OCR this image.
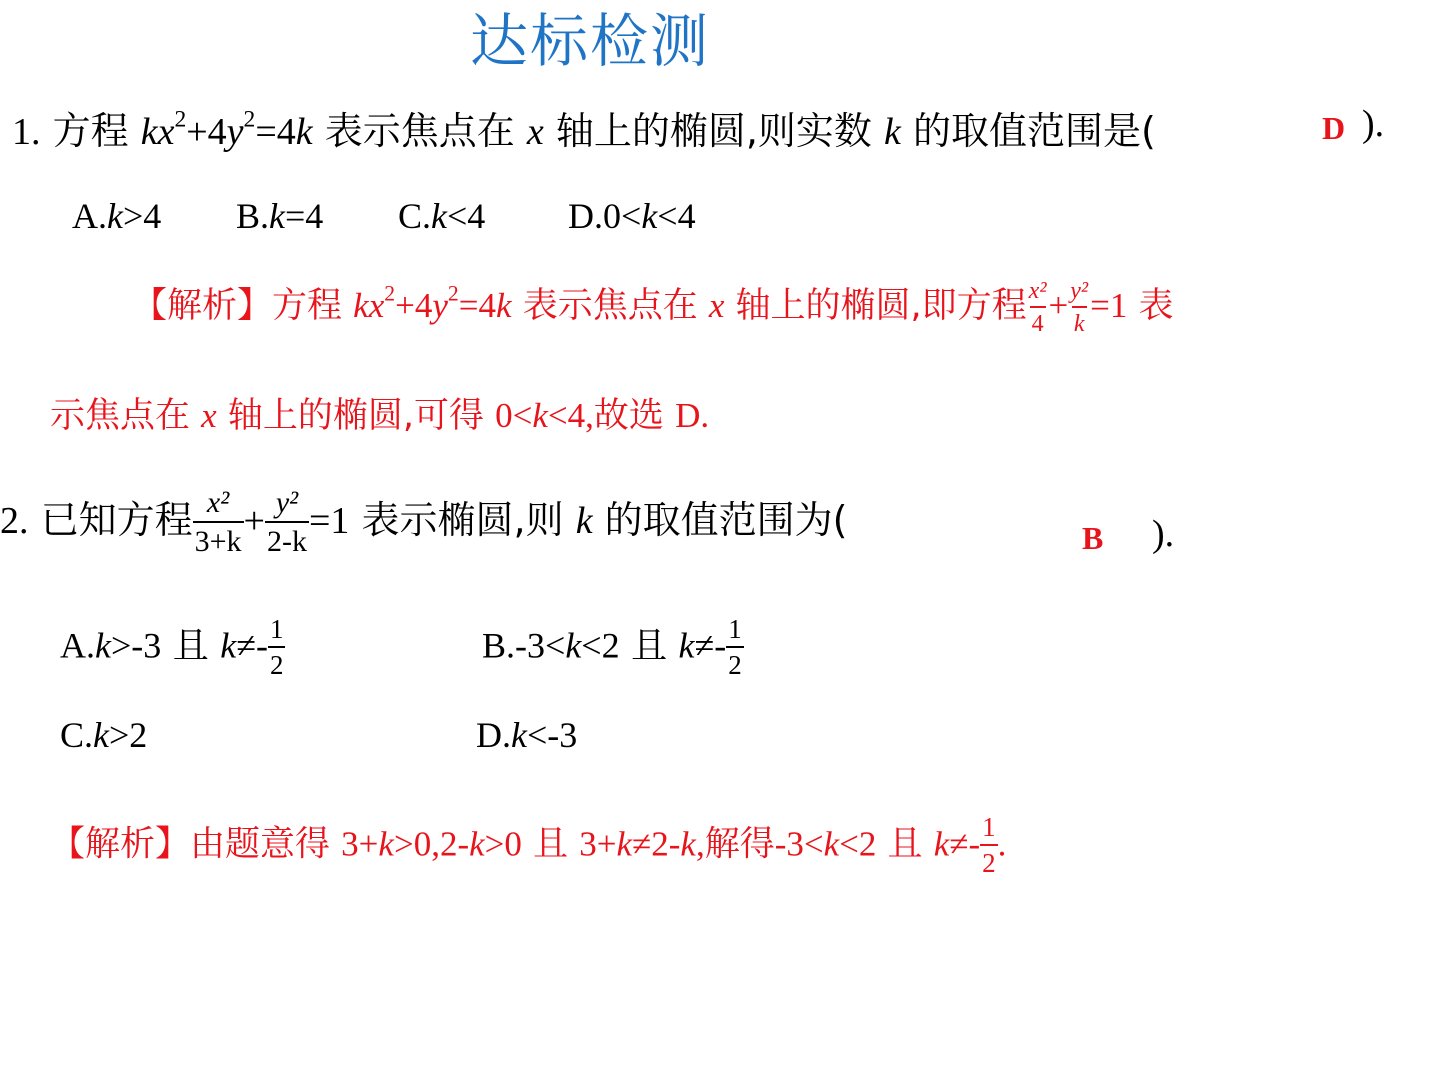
达标检测
1. 方程 $kx^2+4y^2=4k$ 表示焦点在 x 轴上的椭圆,则实数 k 的取值范围是(	D ).
A.k>4 B.k=4 C.k<4 D.0<k<4
【解析】方程 $kx^2+4y^2=4k$ 表示焦点在 x 轴上的椭圆,即方程 $\frac{\text{x²}}{4} + \frac{\text{y²}}{k} =1$ 表
示焦点在 x 轴上的椭圆,可得 0<k<4,故选 D.
2. 已知方程 $\frac{\text{x²}}{3+k} + \frac{\text{y²}}{2-k} =1$ 表示椭圆,则 k 的取值范围为(	B ).
A.k>-3 且 $k\ne- \frac{1}{2}$	B.-3<k<2 且 $k\ne- \frac{1}{2}$
C.k>2	D.k<-3
【解析】由题意得 3+k>0,2-k>0 且 3+k≠2-k,解得-3<k<2 且 $k\ne- \frac{1}{2}$ .
